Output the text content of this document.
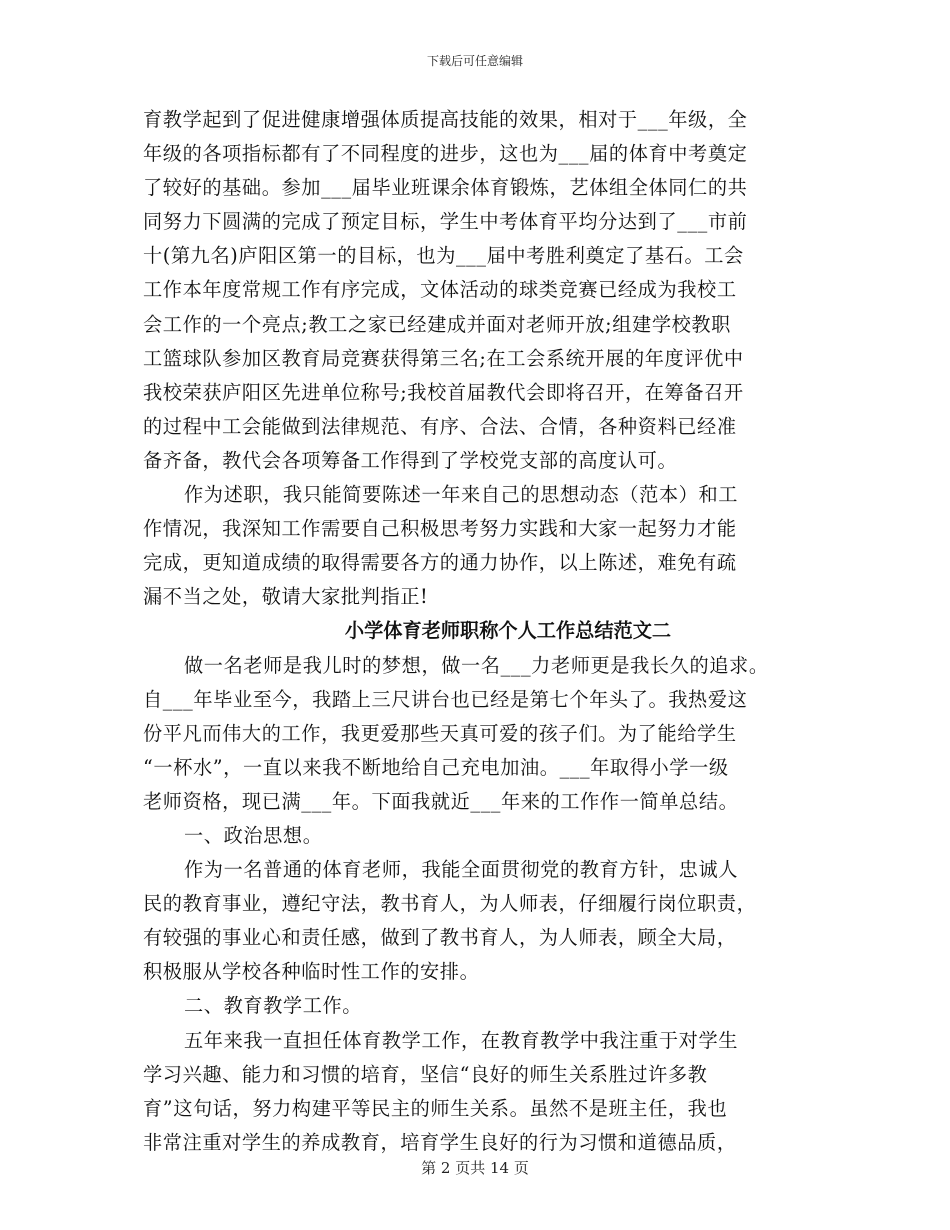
下载后可任意编辑
育教学起到了促进健康增强体质提高技能的效果，相对于___年级，全
年级的各项指标都有了不同程度的进步，这也为___届的体育中考奠定
了较好的基础。参加___届毕业班课余体育锻炼，艺体组全体同仁的共
同努力下圆满的完成了预定目标，学生中考体育平均分达到了___市前
十(第九名)庐阳区第一的目标，也为___届中考胜利奠定了基石。工会
工作本年度常规工作有序完成，文体活动的球类竞赛已经成为我校工
会工作的一个亮点;教工之家已经建成并面对老师开放;组建学校教职
工篮球队参加区教育局竞赛获得第三名;在工会系统开展的年度评优中
我校荣获庐阳区先进单位称号;我校首届教代会即将召开，在筹备召开
的过程中工会能做到法律规范、有序、合法、合情，各种资料已经准
备齐备，教代会各项筹备工作得到了学校党支部的高度认可。
作为述职，我只能简要陈述一年来自己的思想动态（范本）和工
作情况，我深知工作需要自己积极思考努力实践和大家一起努力才能
完成，更知道成绩的取得需要各方的通力协作，以上陈述，难免有疏
漏不当之处，敬请大家批判指正!
小学体育老师职称个人工作总结范文二
做一名老师是我儿时的梦想，做一名___力老师更是我长久的追求。
自___年毕业至今，我踏上三尺讲台也已经是第七个年头了。我热爱这
份平凡而伟大的工作，我更爱那些天真可爱的孩子们。为了能给学生
“一杯水”，一直以来我不断地给自己充电加油。___年取得小学一级
老师资格，现已满___年。下面我就近___年来的工作作一简单总结。
一、政治思想。
作为一名普通的体育老师，我能全面贯彻党的教育方针，忠诚人
民的教育事业，遵纪守法，教书育人，为人师表，仔细履行岗位职责，
有较强的事业心和责任感，做到了教书育人，为人师表，顾全大局，
积极服从学校各种临时性工作的安排。
二、教育教学工作。
五年来我一直担任体育教学工作，在教育教学中我注重于对学生
学习兴趣、能力和习惯的培育，坚信“良好的师生关系胜过许多教
育”这句话，努力构建平等民主的师生关系。虽然不是班主任，我也
非常注重对学生的养成教育，培育学生良好的行为习惯和道德品质，
第 2 页共 14 页
